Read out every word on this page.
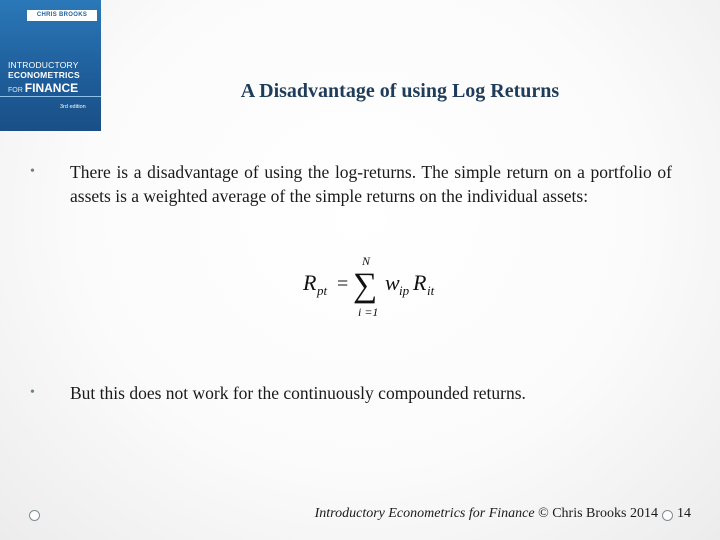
CHRIS BROOKS
INTRODUCTORY
ECONOMETRICS
FOR FINANCE
3rd edition
A Disadvantage of using Log Returns
• There is a disadvantage of using the log-returns. The simple return on a portfolio of assets is a weighted average of the simple returns on the individual assets:
R pt =
N
∑
i =1
w ip R it
• But this does not work for the continuously compounded returns.
Introductory Econometrics for Finance © Chris Brooks 2014 14
